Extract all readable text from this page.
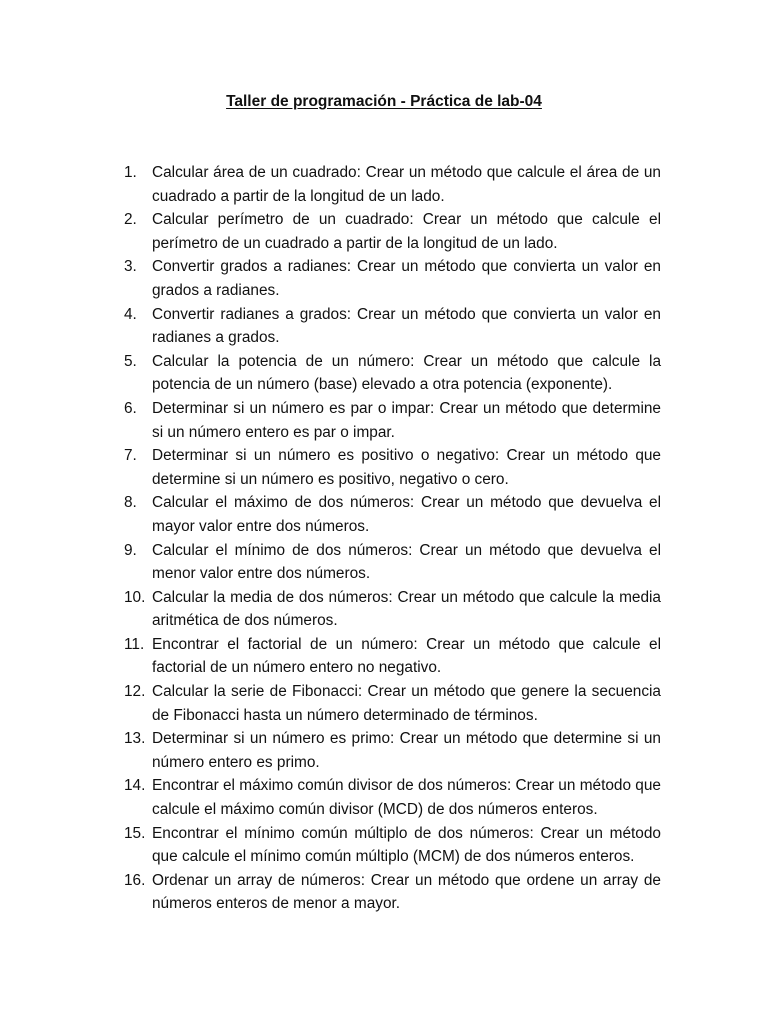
Taller de programación - Práctica de lab-04
1. Calcular área de un cuadrado: Crear un método que calcule el área de un cuadrado a partir de la longitud de un lado.
2. Calcular perímetro de un cuadrado: Crear un método que calcule el perímetro de un cuadrado a partir de la longitud de un lado.
3. Convertir grados a radianes: Crear un método que convierta un valor en grados a radianes.
4. Convertir radianes a grados: Crear un método que convierta un valor en radianes a grados.
5. Calcular la potencia de un número: Crear un método que calcule la potencia de un número (base) elevado a otra potencia (exponente).
6. Determinar si un número es par o impar: Crear un método que determine si un número entero es par o impar.
7. Determinar si un número es positivo o negativo: Crear un método que determine si un número es positivo, negativo o cero.
8. Calcular el máximo de dos números: Crear un método que devuelva el mayor valor entre dos números.
9. Calcular el mínimo de dos números: Crear un método que devuelva el menor valor entre dos números.
10. Calcular la media de dos números: Crear un método que calcule la media aritmética de dos números.
11. Encontrar el factorial de un número: Crear un método que calcule el factorial de un número entero no negativo.
12. Calcular la serie de Fibonacci: Crear un método que genere la secuencia de Fibonacci hasta un número determinado de términos.
13. Determinar si un número es primo: Crear un método que determine si un número entero es primo.
14. Encontrar el máximo común divisor de dos números: Crear un método que calcule el máximo común divisor (MCD) de dos números enteros.
15. Encontrar el mínimo común múltiplo de dos números: Crear un método que calcule el mínimo común múltiplo (MCM) de dos números enteros.
16. Ordenar un array de números: Crear un método que ordene un array de números enteros de menor a mayor.
